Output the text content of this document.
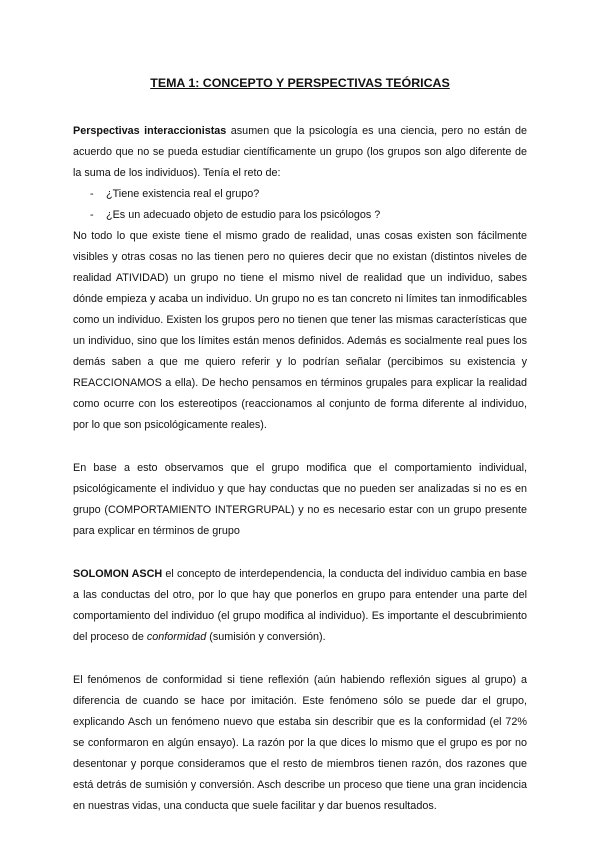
TEMA 1: CONCEPTO Y PERSPECTIVAS TEÓRICAS

Perspectivas interaccionistas asumen que la psicología es una ciencia, pero no están de acuerdo que no se pueda estudiar científicamente un grupo (los grupos son algo diferente de la suma de los individuos). Tenía el reto de:

- ¿Tiene existencia real el grupo?
- ¿Es un adecuado objeto de estudio para los psicólogos ?

No todo lo que existe tiene el mismo grado de realidad, unas cosas existen son fácilmente visibles y otras cosas no las tienen pero no quieres decir que no existan (distintos niveles de realidad ATIVIDAD) un grupo no tiene el mismo nivel de realidad que un individuo, sabes dónde empieza y acaba un individuo. Un grupo no es tan concreto ni límites tan inmodificables como un individuo. Existen los grupos pero no tienen que tener las mismas características que un individuo, sino que los límites están menos definidos. Además es socialmente real pues los demás saben a que me quiero referir y lo podrían señalar (percibimos su existencia y REACCIONAMOS a ella). De hecho pensamos en términos grupales para explicar la realidad como ocurre con los estereotipos (reaccionamos al conjunto de forma diferente al individuo, por lo que son psicológicamente reales).

En base a esto observamos que el grupo modifica que el comportamiento individual, psicológicamente el individuo y que hay conductas que no pueden ser analizadas si no es en grupo (COMPORTAMIENTO INTERGRUPAL) y no es necesario estar con un grupo presente para explicar en términos de grupo

SOLOMON ASCH el concepto de interdependencia, la conducta del individuo cambia en base a las conductas del otro, por lo que hay que ponerlos en grupo para entender una parte del comportamiento del individuo (el grupo modifica al individuo). Es importante el descubrimiento del proceso de conformidad (sumisión y conversión).

El fenómenos de conformidad si tiene reflexión (aún habiendo reflexión sigues al grupo) a diferencia de cuando se hace por imitación. Este fenómeno sólo se puede dar el grupo, explicando Asch un fenómeno nuevo que estaba sin describir que es la conformidad (el 72% se conformaron en algún ensayo). La razón por la que dices lo mismo que el grupo es por no desentonar y porque consideramos que el resto de miembros tienen razón, dos razones que está detrás de sumisión y conversión. Asch describe un proceso que tiene una gran incidencia en nuestras vidas, una conducta que suele facilitar y dar buenos resultados.
